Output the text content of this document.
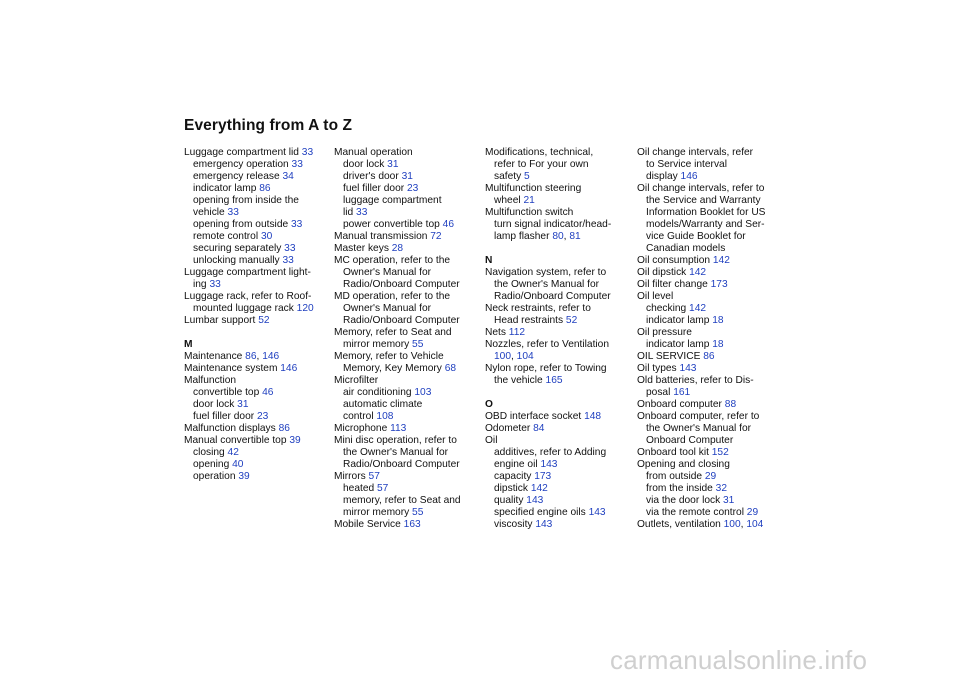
Everything from A to Z
Luggage compartment lid 33
emergency operation 33
emergency release 34
indicator lamp 86
opening from inside the
vehicle 33
opening from outside 33
remote control 30
securing separately 33
unlocking manually 33
Luggage compartment light-
ing 33
Luggage rack, refer to Roof-
mounted luggage rack 120
Lumbar support 52
M
Maintenance 86, 146
Maintenance system 146
Malfunction
convertible top 46
door lock 31
fuel filler door 23
Malfunction displays 86
Manual convertible top 39
closing 42
opening 40
operation 39
Manual operation
door lock 31
driver's door 31
fuel filler door 23
luggage compartment
lid 33
power convertible top 46
Manual transmission 72
Master keys 28
MC operation, refer to the
Owner's Manual for
Radio/Onboard Computer
MD operation, refer to the
Owner's Manual for
Radio/Onboard Computer
Memory, refer to Seat and
mirror memory 55
Memory, refer to Vehicle
Memory, Key Memory 68
Microfilter
air conditioning 103
automatic climate
control 108
Microphone 113
Mini disc operation, refer to
the Owner's Manual for
Radio/Onboard Computer
Mirrors 57
heated 57
memory, refer to Seat and
mirror memory 55
Mobile Service 163
Modifications, technical,
refer to For your own
safety 5
Multifunction steering
wheel 21
Multifunction switch
turn signal indicator/head-
lamp flasher 80, 81
N
Navigation system, refer to
the Owner's Manual for
Radio/Onboard Computer
Neck restraints, refer to
Head restraints 52
Nets 112
Nozzles, refer to Ventilation
100, 104
Nylon rope, refer to Towing
the vehicle 165
O
OBD interface socket 148
Odometer 84
Oil
additives, refer to Adding
engine oil 143
capacity 173
dipstick 142
quality 143
specified engine oils 143
viscosity 143
Oil change intervals, refer
to Service interval
display 146
Oil change intervals, refer to
the Service and Warranty
Information Booklet for US
models/Warranty and Ser-
vice Guide Booklet for
Canadian models
Oil consumption 142
Oil dipstick 142
Oil filter change 173
Oil level
checking 142
indicator lamp 18
Oil pressure
indicator lamp 18
OIL SERVICE 86
Oil types 143
Old batteries, refer to Dis-
posal 161
Onboard computer 88
Onboard computer, refer to
the Owner's Manual for
Onboard Computer
Onboard tool kit 152
Opening and closing
from outside 29
from the inside 32
via the door lock 31
via the remote control 29
Outlets, ventilation 100, 104
carmanualsonline.info
